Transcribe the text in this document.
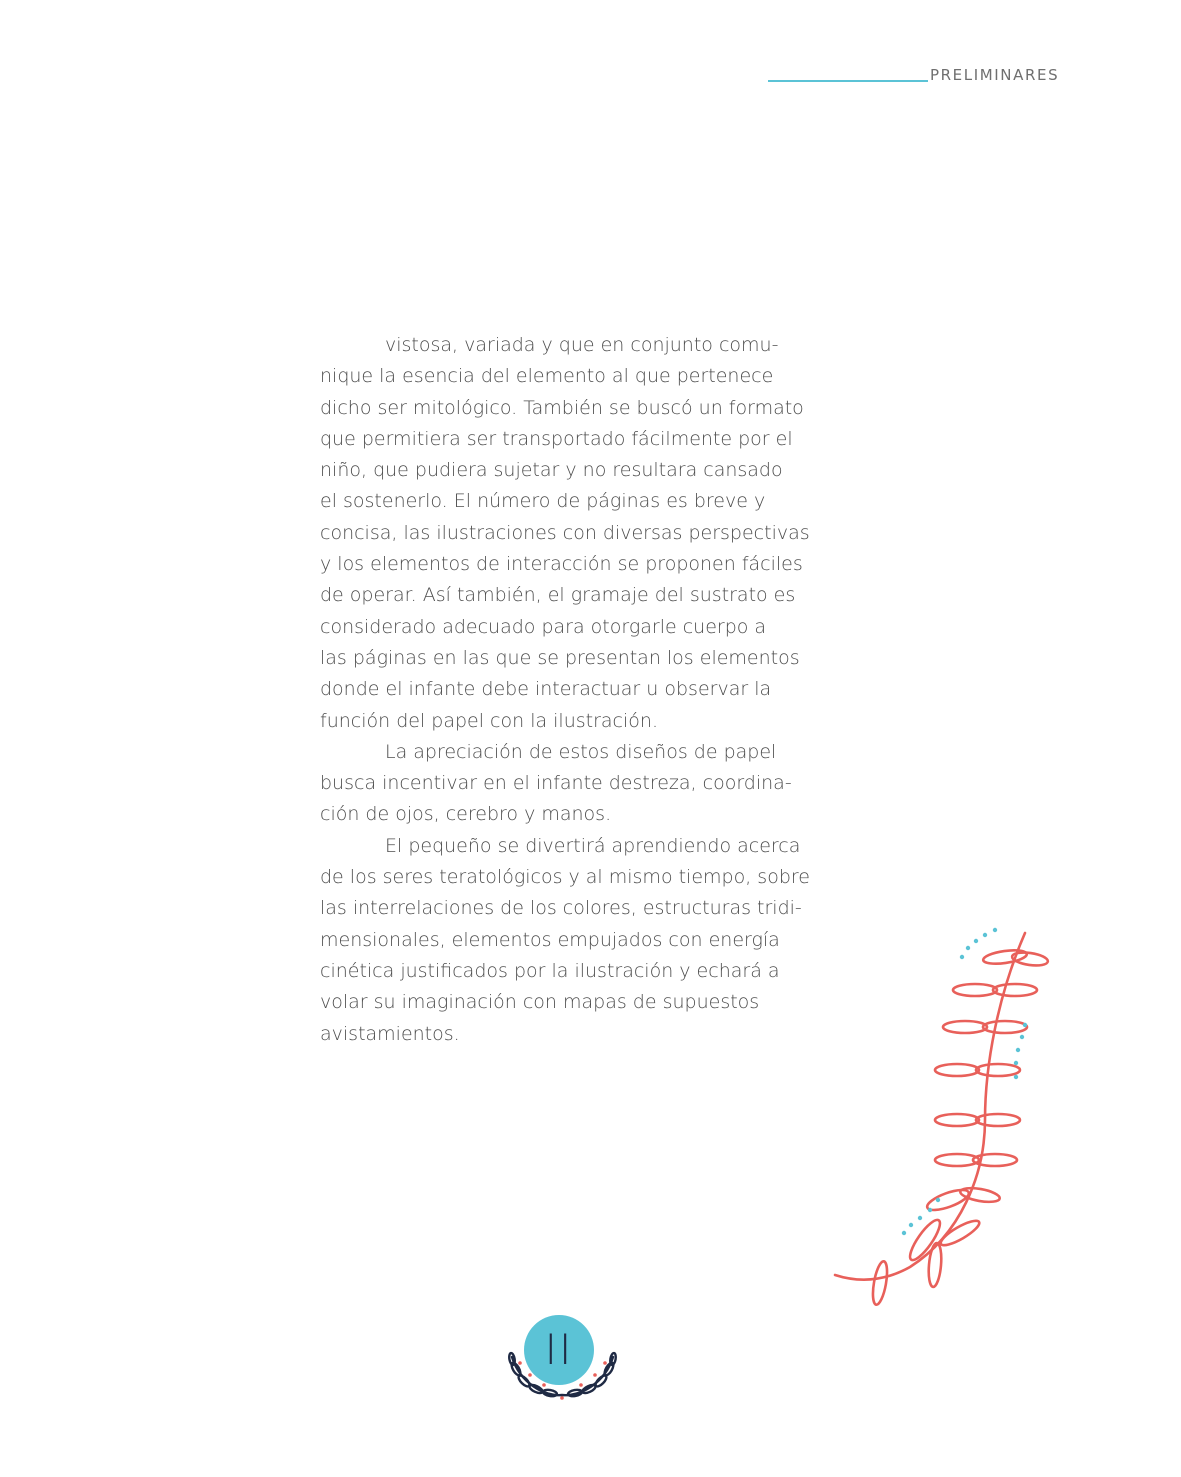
PRELIMINARES
vistosa, variada y que en conjunto comu-
nique la esencia del elemento al que pertenece
dicho ser mitológico. También se buscó un formato
que permitiera ser transportado fácilmente por el
niño, que pudiera sujetar y no resultara cansado
el sostenerlo. El número de páginas es breve y
concisa, las ilustraciones con diversas perspectivas
y los elementos de interacción se proponen fáciles
de operar. Así también, el gramaje del sustrato es
considerado adecuado para otorgarle cuerpo a
las páginas en las que se presentan los elementos
donde el infante debe interactuar u observar la
función del papel con la ilustración.
La apreciación de estos diseños de papel
busca incentivar en el infante destreza, coordina-
ción de ojos, cerebro y manos.
El pequeño se divertirá aprendiendo acerca
de los seres teratológicos y al mismo tiempo, sobre
las interrelaciones de los colores, estructuras tridi-
mensionales, elementos empujados con energía
cinética justificados por la ilustración y echará a
volar su imaginación con mapas de supuestos
avistamientos.
II
